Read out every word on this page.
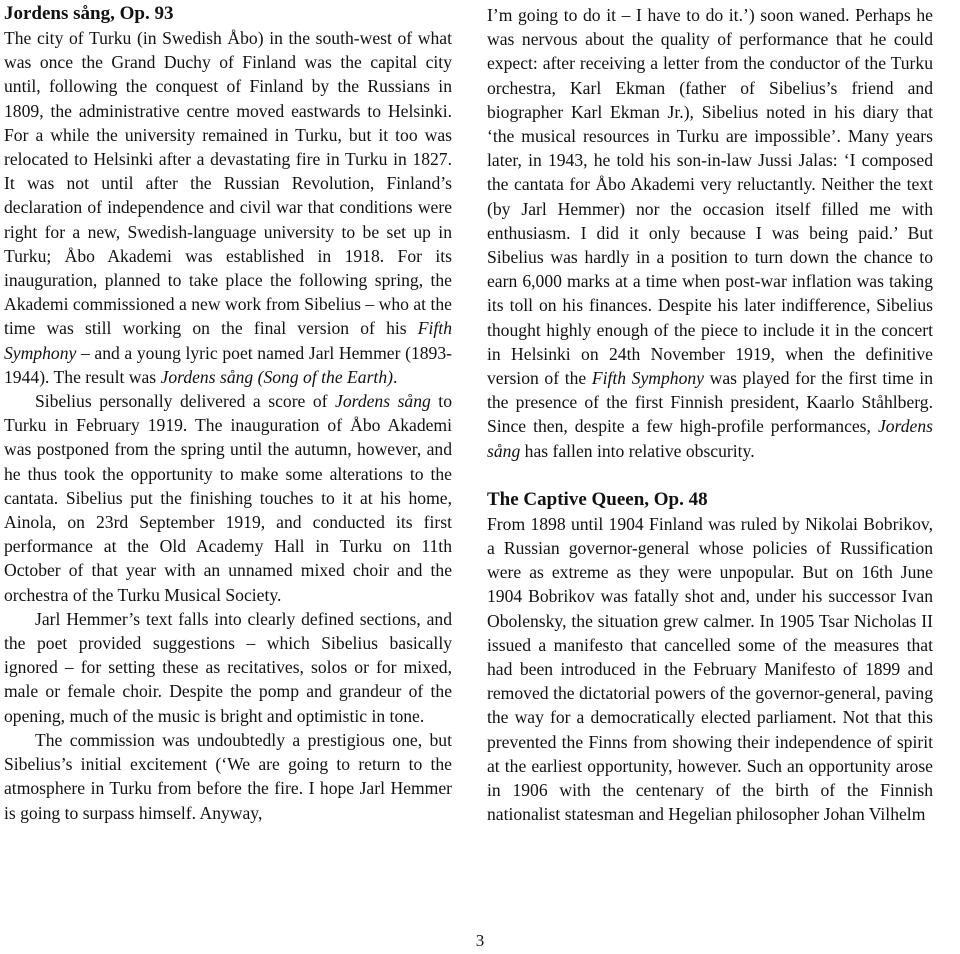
Jordens sång, Op. 93

The city of Turku (in Swedish Åbo) in the south-west of what was once the Grand Duchy of Finland was the capital city until, following the conquest of Finland by the Russians in 1809, the administrative centre moved eastwards to Helsinki. For a while the university remained in Turku, but it too was relocated to Helsinki after a devastating fire in Turku in 1827. It was not until after the Russian Revolution, Finland’s declaration of independence and civil war that conditions were right for a new, Swedish-language university to be set up in Turku; Åbo Akademi was established in 1918. For its inauguration, planned to take place the following spring, the Akademi commissioned a new work from Sibelius – who at the time was still working on the final version of his Fifth Symphony – and a young lyric poet named Jarl Hemmer (1893-1944). The result was Jordens sång (Song of the Earth).

Sibelius personally delivered a score of Jordens sång to Turku in February 1919. The inauguration of Åbo Akademi was postponed from the spring until the autumn, however, and he thus took the opportunity to make some alterations to the cantata. Sibelius put the finishing touches to it at his home, Ainola, on 23rd September 1919, and conducted its first performance at the Old Academy Hall in Turku on 11th October of that year with an unnamed mixed choir and the orchestra of the Turku Musical Society.

Jarl Hemmer’s text falls into clearly defined sections, and the poet provided suggestions – which Sibelius basically ignored – for setting these as recitatives, solos or for mixed, male or female choir. Despite the pomp and grandeur of the opening, much of the music is bright and optimistic in tone.

The commission was undoubtedly a prestigious one, but Sibelius’s initial excitement (‘We are going to return to the atmosphere in Turku from before the fire. I hope Jarl Hemmer is going to surpass himself. Anyway,

I’m going to do it – I have to do it.’) soon waned. Perhaps he was nervous about the quality of performance that he could expect: after receiving a letter from the conductor of the Turku orchestra, Karl Ekman (father of Sibelius’s friend and biographer Karl Ekman Jr.), Sibelius noted in his diary that ‘the musical resources in Turku are impossible’. Many years later, in 1943, he told his son-in-law Jussi Jalas: ‘I composed the cantata for Åbo Akademi very reluctantly. Neither the text (by Jarl Hemmer) nor the occasion itself filled me with enthusiasm. I did it only because I was being paid.’ But Sibelius was hardly in a position to turn down the chance to earn 6,000 marks at a time when post-war inflation was taking its toll on his finances. Despite his later indifference, Sibelius thought highly enough of the piece to include it in the concert in Helsinki on 24th November 1919, when the definitive version of the Fifth Symphony was played for the first time in the presence of the first Finnish president, Kaarlo Ståhlberg. Since then, despite a few high-profile performances, Jordens sång has fallen into relative obscurity.

The Captive Queen, Op. 48

From 1898 until 1904 Finland was ruled by Nikolai Bobrikov, a Russian governor-general whose policies of Russification were as extreme as they were unpopular. But on 16th June 1904 Bobrikov was fatally shot and, under his successor Ivan Obolensky, the situation grew calmer. In 1905 Tsar Nicholas II issued a manifesto that cancelled some of the measures that had been introduced in the February Manifesto of 1899 and removed the dictatorial powers of the governor-general, paving the way for a democratically elected parliament. Not that this prevented the Finns from showing their independence of spirit at the earliest opportunity, however. Such an opportunity arose in 1906 with the centenary of the birth of the Finnish nationalist statesman and Hegelian philosopher Johan Vilhelm

3
